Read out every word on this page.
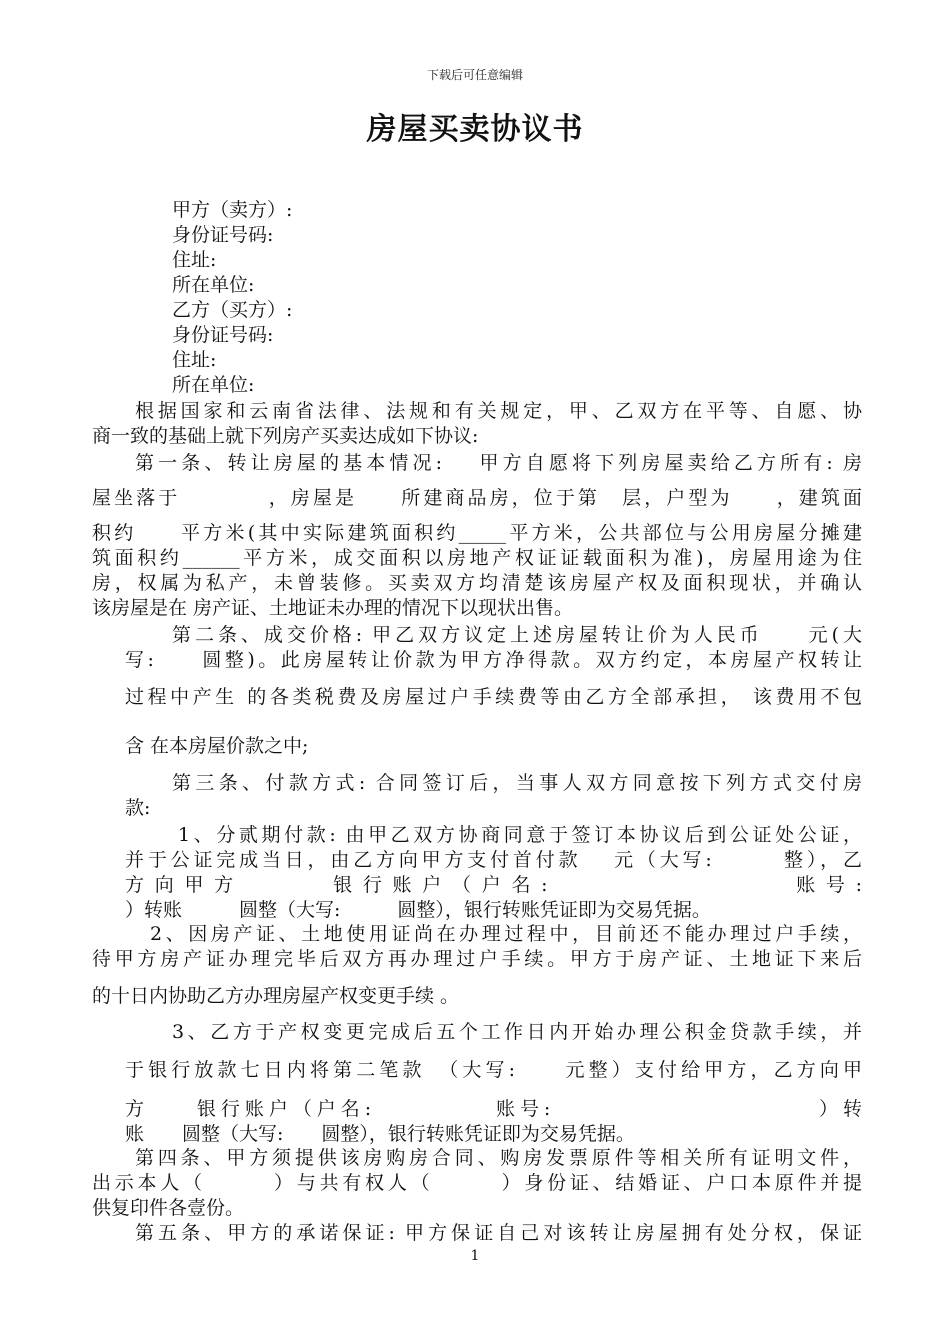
下载后可任意编辑
房屋买卖协议书
甲方（卖方）:
身份证号码:
住址:
所在单位:
乙方（买方）:
身份证号码:
住址:
所在单位:
根据国家和云南省法律、法规和有关规定，甲、乙双方在平等、自愿、协
商一致的基础上就下列房产买卖达成如下协议:
第一条、转让房屋的基本情况:　 甲方自愿将下列房屋卖给乙方所有: 房
屋坐落于　　　　，房屋是　　所建商品房，位于第　层，户型为　　，建筑面
积约　　平方米(其中实际建筑面积约_____平方米，公共部位与公用房屋分摊建
筑面积约______平方米，成交面积以房地产权证证载面积为准)，房屋用途为住
房，权属为私产，未曾装修。买卖双方均清楚该房屋产权及面积现状，并确认
该房屋是在 房产证、土地证未办理的情况下以现状出售。
第二条、成交价格: 甲乙双方议定上述房屋转让价为人民币　　元(大
写:　　圆整)。此房屋转让价款为甲方净得款。双方约定，本房屋产权转让
过程中产生 的各类税费及房屋过户手续费等由乙方全部承担， 该费用不包
含 在本房屋价款之中;
第三条、付款方式: 合同签订后，当事人双方同意按下列方式交付房
款:
1、分贰期付款: 由甲乙双方协商同意于签订本协议后到公证处公证，
并于公证完成当日，由乙方向甲方支付首付款　 元（大写:　　　整），乙
方向甲方　　　银行账户（户名:　　　　　　　　账号:
）转账　　　圆整（大写:　　　圆整），银行转账凭证即为交易凭据。
2、因房产证、土地使用证尚在办理过程中，目前还不能办理过户手续，
待甲方房产证办理完毕后双方再办理过户手续。甲方于房产证、土地证下来后
的十日内协助乙方办理房屋产权变更手续 。
3、乙方于产权变更完成后五个工作日内开始办理公积金贷款手续，并
于银行放款七日内将第二笔款　（大写:　　元整）支付给甲方，乙方向甲
方　　银行账户（户名:　　　　　账号:　　　　　　　　　　　）转
账　　圆整（大写:　　圆整），银行转账凭证即为交易凭据。
第四条、甲方须提供该房购房合同、购房发票原件等相关所有证明文件，
出示本人（　　　）与共有权人（　　　）身份证、结婚证、户口本原件并提
供复印件各壹份。
第五条、甲方的承诺保证: 甲方保证自己对该转让房屋拥有处分权，保证
1
